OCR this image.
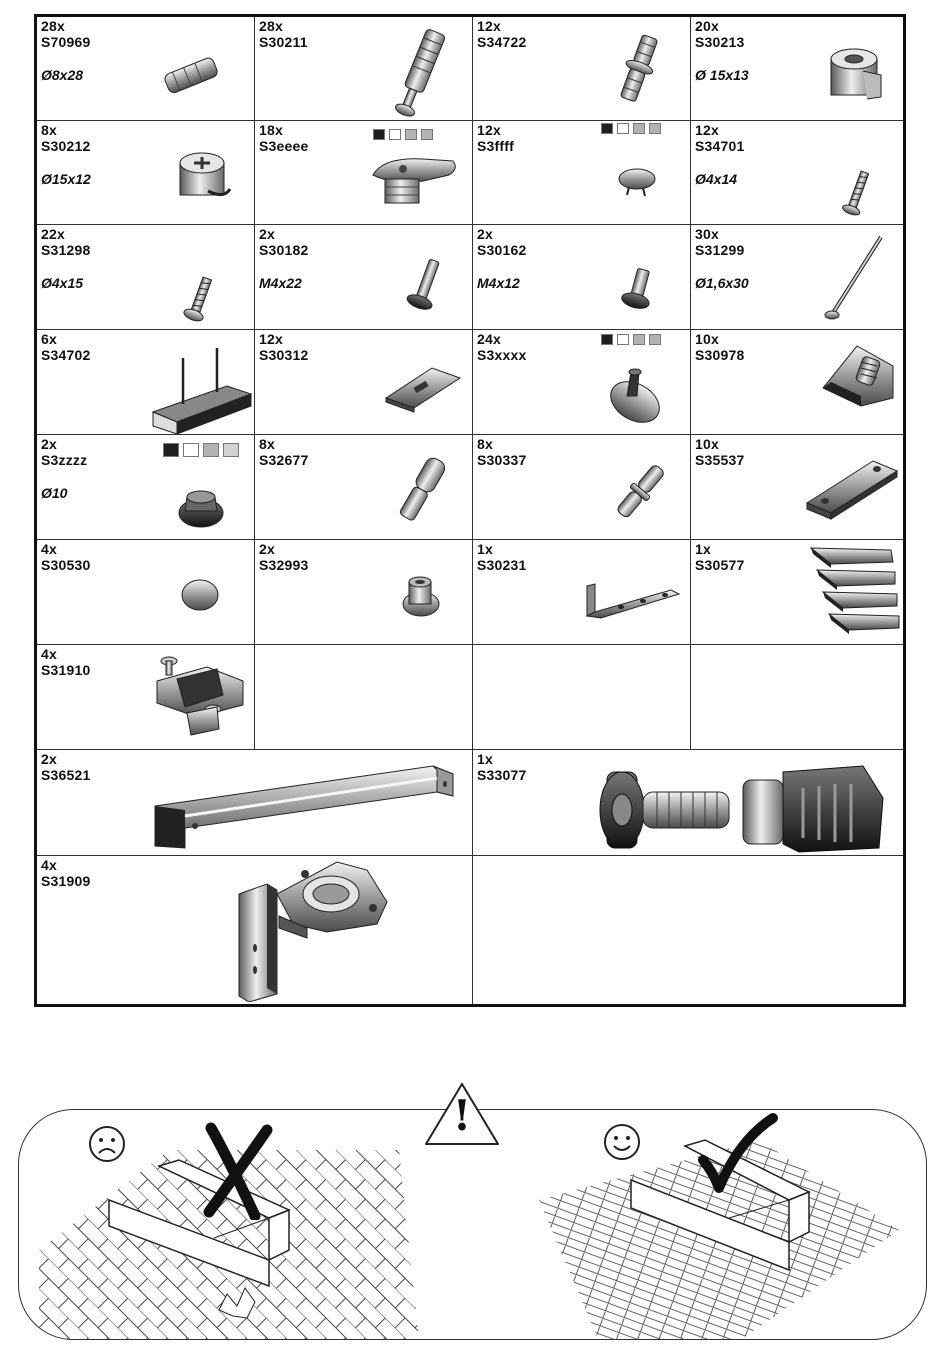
28x
S70969
Ø8x28
28x
S30211
12x
S34722
20x
S30213
Ø 15x13
8x
S30212
Ø15x12
18x
S3eeee
12x
S3ffff
12x
S34701
Ø4x14
22x
S31298
Ø4x15
2x
S30182
M4x22
2x
S30162
M4x12
30x
S31299
Ø1,6x30
6x
S34702
12x
S30312
24x
S3xxxx
10x
S30978
2x
S3zzzz
Ø10
8x
S32677
8x
S30337
10x
S35537
4x
S30530
2x
S32993
1x
S30231
1x
S30577
4x
S31910
2x
S36521
1x
S33077
4x
S31909
!
